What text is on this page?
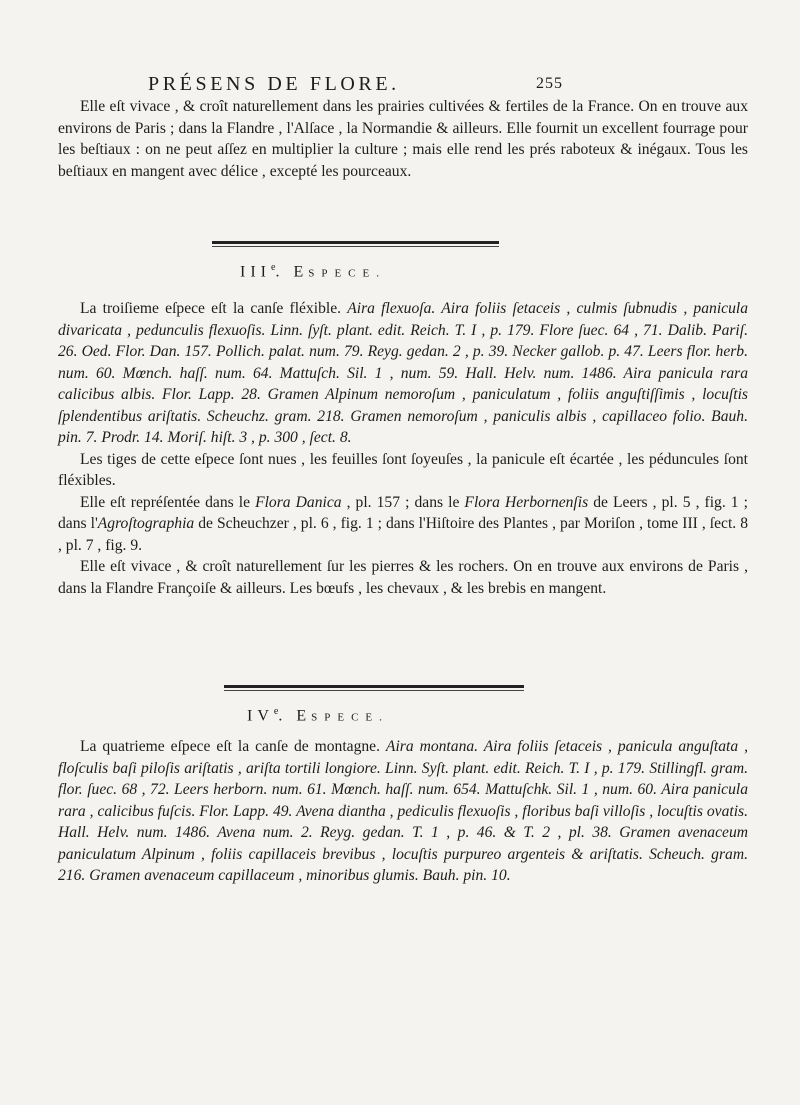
PRÉSENS DE FLORE.	255

Elle eſt vivace , & croît naturellement dans les prairies cultivées & fertiles de la France. On en trouve aux environs de Paris ; dans la Flandre , l'Alſace , la Normandie & ailleurs. Elle fournit un excellent fourrage pour les beſtiaux : on ne peut aſſez en multiplier la culture ; mais elle rend les prés raboteux & inégaux. Tous les beſtiaux en mangent avec délice , excepté les pourceaux.

IIIe. ESPECE.

La troiſieme eſpece eſt la canſe fléxible. Aira flexuoſa. Aira foliis ſetaceis , culmis ſubnudis , panicula divaricata , pedunculis flexuoſis. Linn. ſyſt. plant. edit. Reich. T. I , p. 179. Flore ſuec. 64 , 71. Dalib. Pariſ. 26. Oed. Flor. Dan. 157. Pollich. palat. num. 79. Reyg. gedan. 2 , p. 39. Necker gallob. p. 47. Leers flor. herb. num. 60. Mœnch. haſſ. num. 64. Mattuſch. Sil. 1 , num. 59. Hall. Helv. num. 1486. Aira panicula rara calicibus albis. Flor. Lapp. 28. Gramen Alpinum nemoroſum , paniculatum , foliis anguſtiſſimis , locuſtis ſplendentibus ariſtatis. Scheuchz. gram. 218. Gramen nemoroſum , paniculis albis , capillaceo folio. Bauh. pin. 7. Prodr. 14. Moriſ. hiſt. 3 , p. 300 , ſect. 8.

Les tiges de cette eſpece ſont nues , les feuilles ſont ſoyeuſes , la panicule eſt écartée , les péduncules ſont fléxibles.

Elle eſt repréſentée dans le Flora Danica , pl. 157 ; dans le Flora Herbornenſis de Leers , pl. 5 , fig. 1 ; dans l'Agroſtographia de Scheuchzer , pl. 6 , fig. 1 ; dans l'Hiſtoire des Plantes , par Moriſon , tome III , ſect. 8 , pl. 7 , fig. 9.

Elle eſt vivace , & croît naturellement ſur les pierres & les rochers. On en trouve aux environs de Paris , dans la Flandre Françoiſe & ailleurs. Les bœufs , les chevaux , & les brebis en mangent.

IVe. ESPECE.

La quatrieme eſpece eſt la canſe de montagne. Aira montana. Aira foliis ſetaceis , panicula anguſtata , floſculis baſi piloſis ariſtatis , ariſta tortili longiore. Linn. Syſt. plant. edit. Reich. T. I , p. 179. Stillingfl. gram. flor. ſuec. 68 , 72. Leers herborn. num. 61. Mœnch. haſſ. num. 654. Mattuſchk. Sil. 1 , num. 60. Aira panicula rara , calicibus fuſcis. Flor. Lapp. 49. Avena diantha , pediculis flexuoſis , floribus baſi villoſis , locuſtis ovatis. Hall. Helv. num. 1486. Avena num. 2. Reyg. gedan. T. 1 , p. 46. & T. 2 , pl. 38. Gramen avenaceum paniculatum Alpinum , foliis capillaceis brevibus , locuſtis purpureo argenteis & ariſtatis. Scheuch. gram. 216. Gramen avenaceum capillaceum , minoribus glumis. Bauh. pin. 10.
